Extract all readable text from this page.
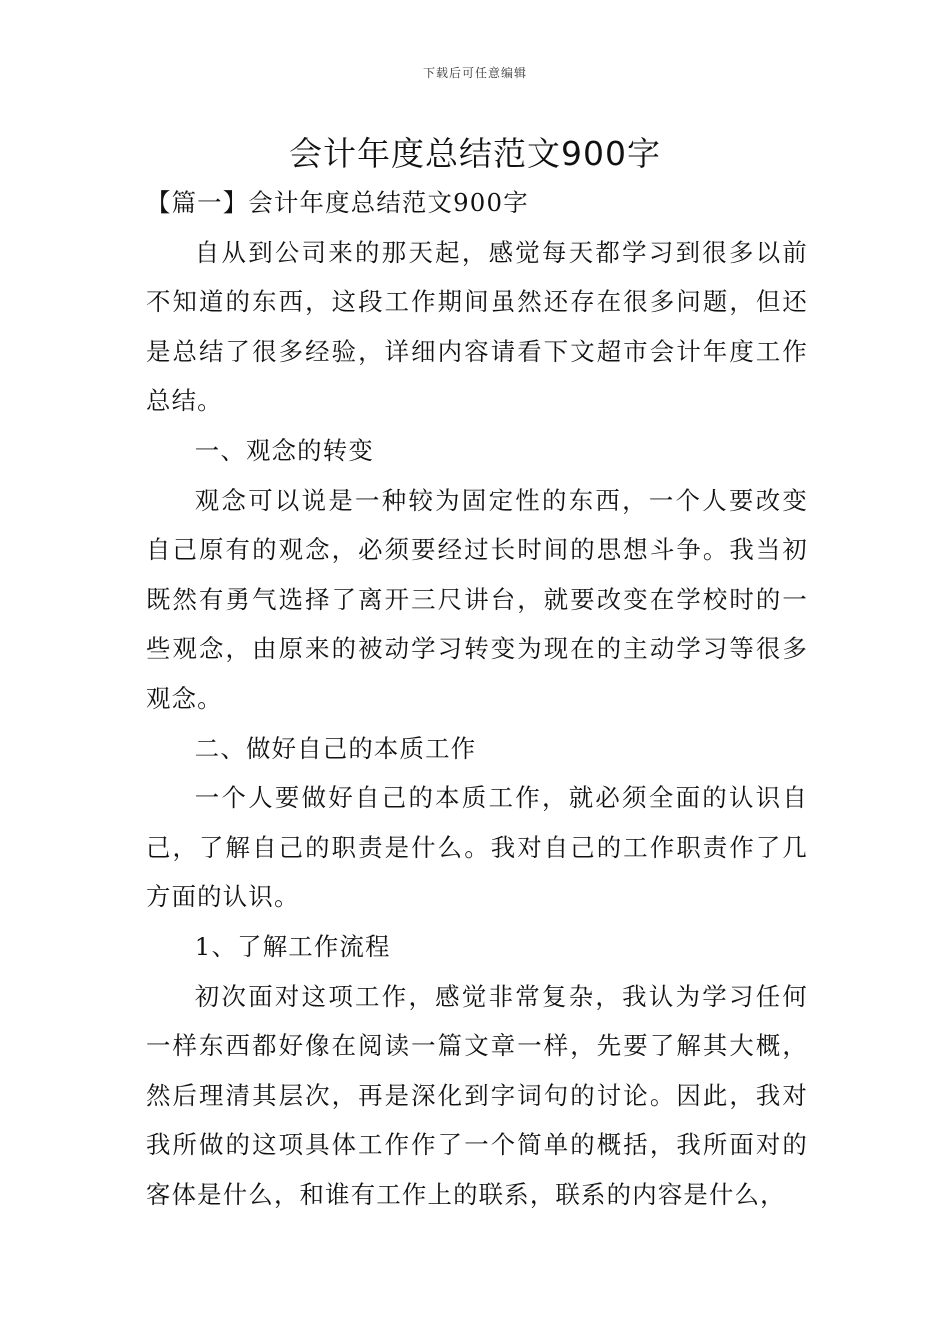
下载后可任意编辑
会计年度总结范文900字

【篇一】会计年度总结范文900字

自从到公司来的那天起，感觉每天都学习到很多以前不知道的东西，这段工作期间虽然还存在很多问题，但还是总结了很多经验，详细内容请看下文超市会计年度工作总结。

一、观念的转变

观念可以说是一种较为固定性的东西，一个人要改变自己原有的观念，必须要经过长时间的思想斗争。我当初既然有勇气选择了离开三尺讲台，就要改变在学校时的一些观念，由原来的被动学习转变为现在的主动学习等很多观念。

二、做好自己的本质工作

一个人要做好自己的本质工作，就必须全面的认识自己，了解自己的职责是什么。我对自己的工作职责作了几方面的认识。

1、了解工作流程

初次面对这项工作，感觉非常复杂，我认为学习任何一样东西都好像在阅读一篇文章一样，先要了解其大概，然后理清其层次，再是深化到字词句的讨论。因此，我对我所做的这项具体工作作了一个简单的概括，我所面对的客体是什么，和谁有工作上的联系，联系的内容是什么，
